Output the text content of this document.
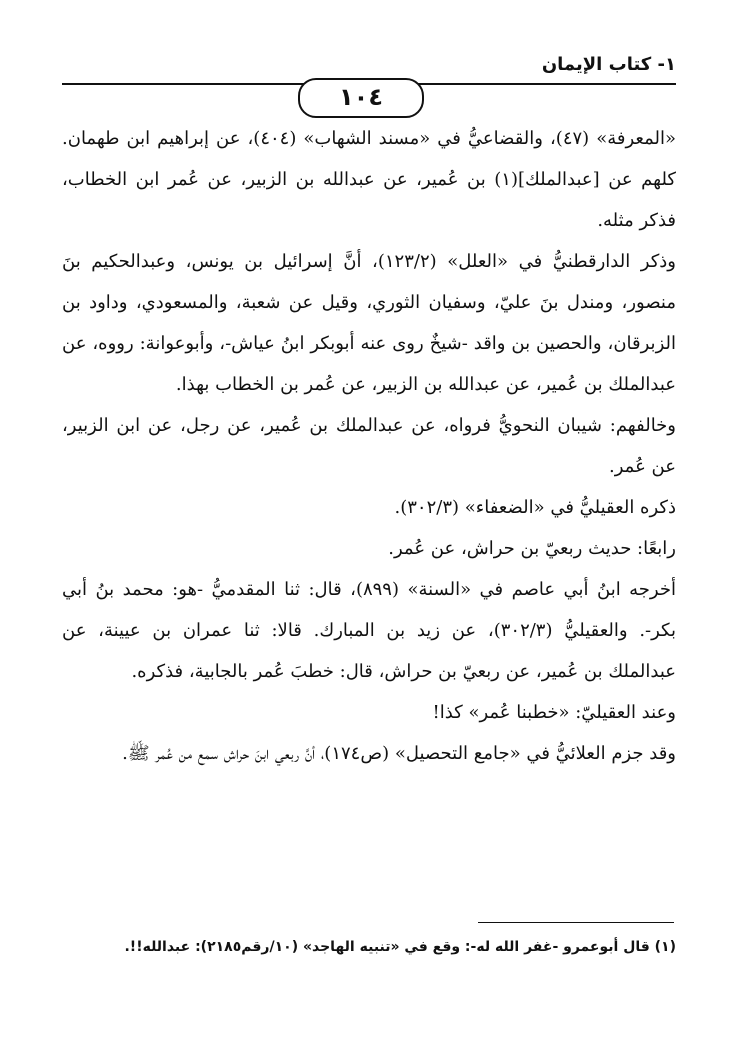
١- كتاب الإيمان
١٠٤

«المعرفة» (٤٧)، والقضاعيُّ في «مسند الشهاب» (٤٠٤)، عن إبراهيم ابن طهمان. كلهم عن [عبدالملك](١) بن عُمير، عن عبدالله بن الزبير، عن عُمر ابن الخطاب، فذكر مثله.

وذكر الدارقطنيُّ في «العلل» (١٢٣/٢)، أنَّ إسرائيل بن يونس، وعبدالحكيم بنَ منصور، ومندل بنَ عليّ، وسفيان الثوري، وقيل عن شعبة، والمسعودي، وداود بن الزبرقان، والحصين بن واقد -شيخٌ روى عنه أبوبكر ابنُ عياش-، وأبوعوانة: رووه، عن عبدالملك بن عُمير، عن عبدالله بن الزبير، عن عُمر بن الخطاب بهذا.

وخالفهم: شيبان النحويُّ فرواه، عن عبدالملك بن عُمير، عن رجل، عن ابن الزبير، عن عُمر.

ذكره العقيليُّ في «الضعفاء» (٣٠٢/٣).

رابعًا: حديث ربعيّ بن حراش، عن عُمر.

أخرجه ابنُ أبي عاصم في «السنة» (٨٩٩)، قال: ثنا المقدميُّ -هو: محمد بنُ أبي بكر-. والعقيليُّ (٣٠٢/٣)، عن زيد بن المبارك. قالا: ثنا عمران بن عيينة، عن عبدالملك بن عُمير، عن ربعيّ بن حراش، قال: خطبَ عُمر بالجابية، فذكره.

وعند العقيليّ: «خطبنا عُمر» كذا!

وقد جزم العلائيُّ في «جامع التحصيل» (ص١٧٤)، أنَّ ربعي ابنَ حراش سمع من عُمر ﷺ.

(١) قال أبوعمرو -غفر الله له-: وقع في «تنبيه الهاجد» (١٠/رقم٢١٨٥): عبدالله!!.
